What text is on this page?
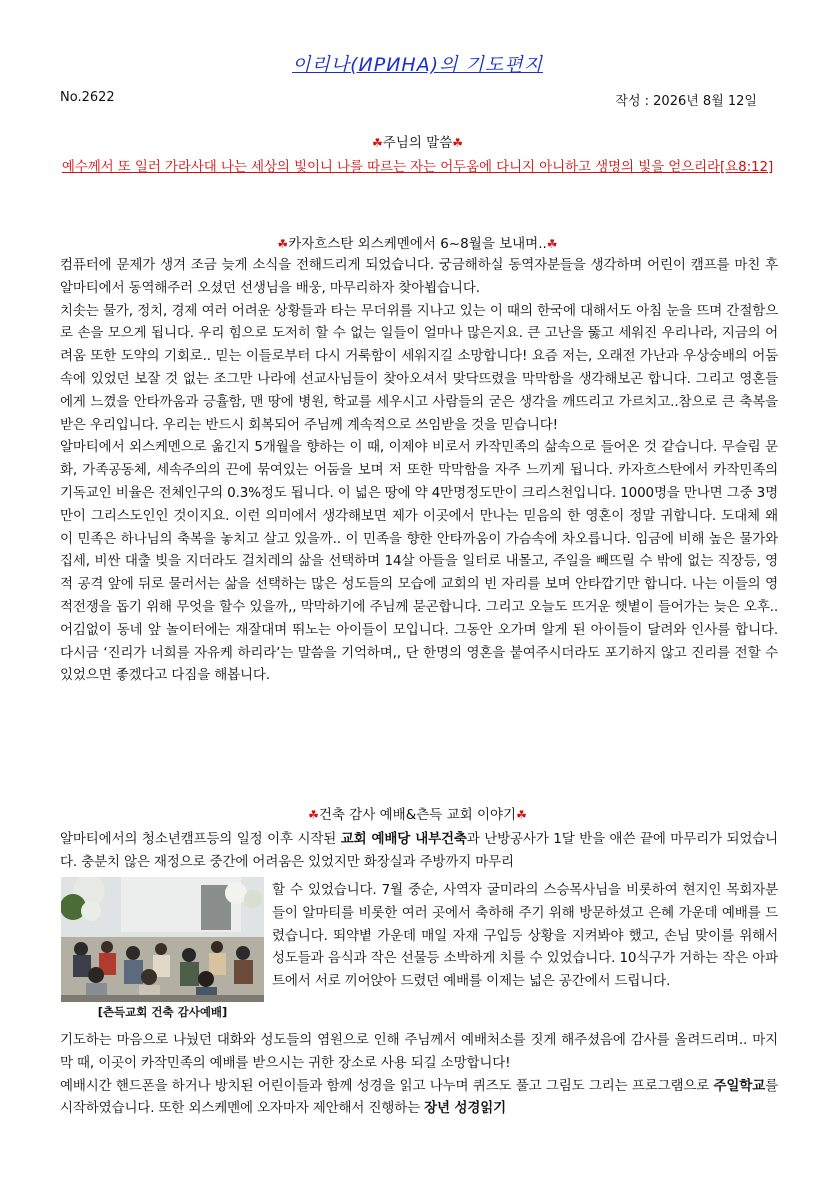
이리나(ИРИНА)의 기도편지
No.2622	작성 : 2026년 8월 12일
☘주님의 말씀☘
예수께서 또 일러 가라사대 나는 세상의 빛이니 나를 따르는 자는 어두움에 다니지 아니하고 생명의 빛을 얻으리라[요8:12]
☘카자흐스탄 외스케멘에서 6~8월을 보내며..☘

컴퓨터에 문제가 생겨 조금 늦게 소식을 전해드리게 되었습니다. 궁금해하실 동역자분들을 생각하며 어린이 캠프를 마친 후 알마티에서 동역해주러 오셨던 선생님을 배웅, 마무리하자 찾아뵙습니다.

치솟는 물가, 정치, 경제 여러 어려운 상황들과 타는 무더위를 지나고 있는 이 때의 한국에 대해서도 아침 눈을 뜨며 간절함으로 손을 모으게 됩니다. 우리 힘으로 도저히 할 수 없는 일들이 얼마나 많은지요. 큰 고난을 뚫고 세워진 우리나라, 지금의 어려움 또한 도약의 기회로.. 믿는 이들로부터 다시 거룩함이 세워지길 소망합니다! 요즘 저는, 오래전 가난과 우상숭배의 어둠속에 있었던 보잘 것 없는 조그만 나라에 선교사님들이 찾아오셔서 맞닥뜨렸을 막막함을 생각해보곤 합니다. 그리고 영혼들에게 느꼈을 안타까움과 긍휼함, 맨 땅에 병원, 학교를 세우시고 사람들의 굳은 생각을 깨뜨리고 가르치고..참으로 큰 축복을 받은 우리입니다. 우리는 반드시 회복되어 주님께 계속적으로 쓰임받을 것을 믿습니다!

알마티에서 외스케멘으로 옮긴지 5개월을 향하는 이 때, 이제야 비로서 카작민족의 삶속으로 들어온 것 같습니다. 무슬림 문화, 가족공동체, 세속주의의 끈에 묶여있는 어둠을 보며 저 또한 막막함을 자주 느끼게 됩니다. 카자흐스탄에서 카작민족의 기독교인 비율은 전체인구의 0.3%정도 됩니다. 이 넓은 땅에 약 4만명정도만이 크리스천입니다. 1000명을 만나면 그중 3명만이 그리스도인인 것이지요. 이런 의미에서 생각해보면 제가 이곳에서 만나는 믿음의 한 영혼이 정말 귀합니다. 도대체 왜 이 민족은 하나님의 축복을 놓치고 살고 있을까.. 이 민족을 향한 안타까움이 가슴속에 차오릅니다. 임금에 비해 높은 물가와 집세, 비싼 대출 빚을 지더라도 걸치레의 삶을 선택하며 14살 아들을 일터로 내몰고, 주일을 빼뜨릴 수 밖에 없는 직장등, 영적 공격 앞에 뒤로 물러서는 삶을 선택하는 많은 성도들의 모습에 교회의 빈 자리를 보며 안타깝기만 합니다. 나는 이들의 영적전쟁을 돕기 위해 무엇을 할수 있을까,, 막막하기에 주님께 묻곤합니다. 그리고 오늘도 뜨거운 햇볕이 들어가는 늦은 오후.. 어김없이 동네 앞 놀이터에는 재잘대며 뛰노는 아이들이 모입니다. 그동안 오가며 알게 된 아이들이 달려와 인사를 합니다. 다시금 ‘진리가 너희를 자유케 하리라’는 말씀을 기억하며,, 단 한명의 영혼을 붙여주시더라도 포기하지 않고 진리를 전할 수 있었으면 좋겠다고 다짐을 해봅니다.

☘건축 감사 예배&츤득 교회 이야기☘

알마티에서의 청소년캠프등의 일정 이후 시작된 교회 예배당 내부건축과 난방공사가 1달 반을 애쓴 끝에 마무리가 되었습니다. 충분치 않은 재정으로 중간에 어려움은 있었지만 화장실과 주방까지 마무리

[츤득교회 건축 감사예배]
할 수 있었습니다. 7월 중순, 사역자 굴미라의 스승목사님을 비롯하여 현지인 목회자분들이 알마티를 비롯한 여러 곳에서 축하해 주기 위해 방문하셨고 은혜 가운데 예배를 드렸습니다. 뙤약볕 가운데 매일 자재 구입등 상황을 지켜봐야 했고, 손님 맞이를 위해서 성도들과 음식과 작은 선물등 소박하게 치를 수 있었습니다. 10식구가 거하는 작은 아파트에서 서로 끼어앉아 드렸던 예배를 이제는 넓은 공간에서 드립니다.

기도하는 마음으로 나눴던 대화와 성도들의 염원으로 인해 주님께서 예배처소를 짓게 해주셨음에 감사를 올려드리며.. 마지막 때, 이곳이 카작민족의 예배를 받으시는 귀한 장소로 사용 되길 소망합니다!

예배시간 핸드폰을 하거나 방치된 어린이들과 함께 성경을 읽고 나누며 퀴즈도 풀고 그림도 그리는 프로그램으로 주일학교를 시작하였습니다. 또한 외스케멘에 오자마자 제안해서 진행하는 장년 성경읽기
